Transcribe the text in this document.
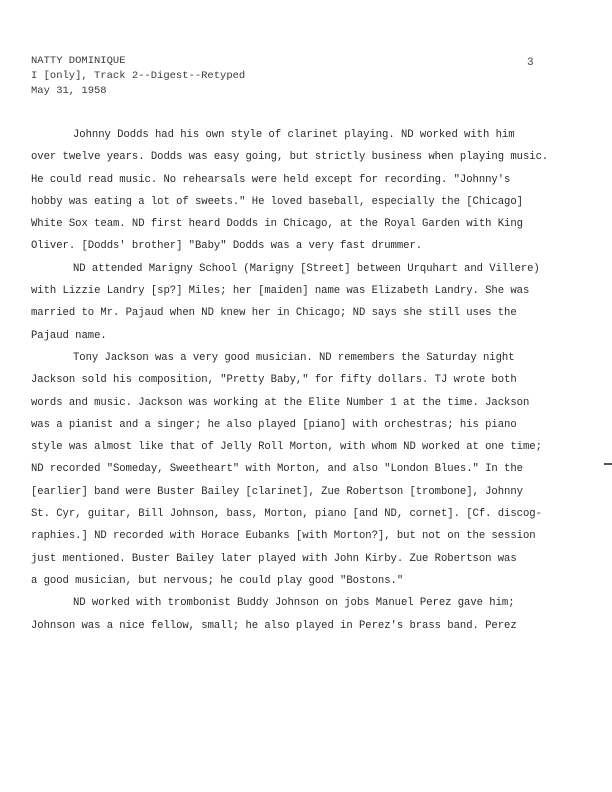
NATTY DOMINIQUE
I [only], Track 2--Digest--Retyped
May 31, 1958
3
Johnny Dodds had his own style of clarinet playing. ND worked with him
over twelve years. Dodds was easy going, but strictly business when playing music.
He could read music. No rehearsals were held except for recording. "Johnny's
hobby was eating a lot of sweets." He loved baseball, especially the [Chicago]
White Sox team. ND first heard Dodds in Chicago, at the Royal Garden with King
Oliver. [Dodds' brother] "Baby" Dodds was a very fast drummer.
ND attended Marigny School (Marigny [Street] between Urquhart and Villere)
with Lizzie Landry [sp?] Miles; her [maiden] name was Elizabeth Landry. She was
married to Mr. Pajaud when ND knew her in Chicago; ND says she still uses the
Pajaud name.
Tony Jackson was a very good musician. ND remembers the Saturday night
Jackson sold his composition, "Pretty Baby," for fifty dollars. TJ wrote both
words and music. Jackson was working at the Elite Number 1 at the time. Jackson
was a pianist and a singer; he also played [piano] with orchestras; his piano
style was almost like that of Jelly Roll Morton, with whom ND worked at one time;
ND recorded "Someday, Sweetheart" with Morton, and also "London Blues." In the
[earlier] band were Buster Bailey [clarinet], Zue Robertson [trombone], Johnny
St. Cyr, guitar, Bill Johnson, bass, Morton, piano [and ND, cornet]. [Cf. discog-
raphies.] ND recorded with Horace Eubanks [with Morton?], but not on the session
just mentioned. Buster Bailey later played with John Kirby. Zue Robertson was
a good musician, but nervous; he could play good "Bostons."
ND worked with trombonist Buddy Johnson on jobs Manuel Perez gave him;
Johnson was a nice fellow, small; he also played in Perez's brass band. Perez
